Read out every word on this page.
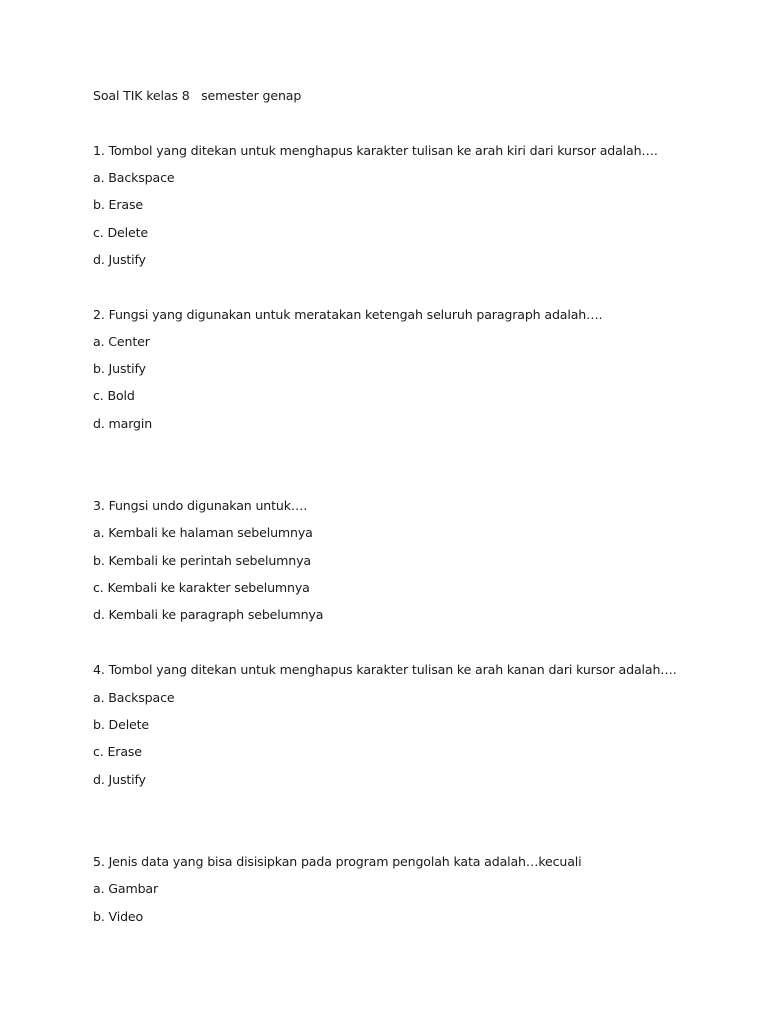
Soal TIK kelas 8   semester genap
1. Tombol yang ditekan untuk menghapus karakter tulisan ke arah kiri dari kursor adalah….
a. Backspace
b. Erase
c. Delete
d. Justify
2. Fungsi yang digunakan untuk meratakan ketengah seluruh paragraph adalah….
a. Center
b. Justify
c. Bold
d. margin
3. Fungsi undo digunakan untuk….
a. Kembali ke halaman sebelumnya
b. Kembali ke perintah sebelumnya
c. Kembali ke karakter sebelumnya
d. Kembali ke paragraph sebelumnya
4. Tombol yang ditekan untuk menghapus karakter tulisan ke arah kanan dari kursor adalah….
a. Backspace
b. Delete
c. Erase
d. Justify
5. Jenis data yang bisa disisipkan pada program pengolah kata adalah…kecuali
a. Gambar
b. Video
